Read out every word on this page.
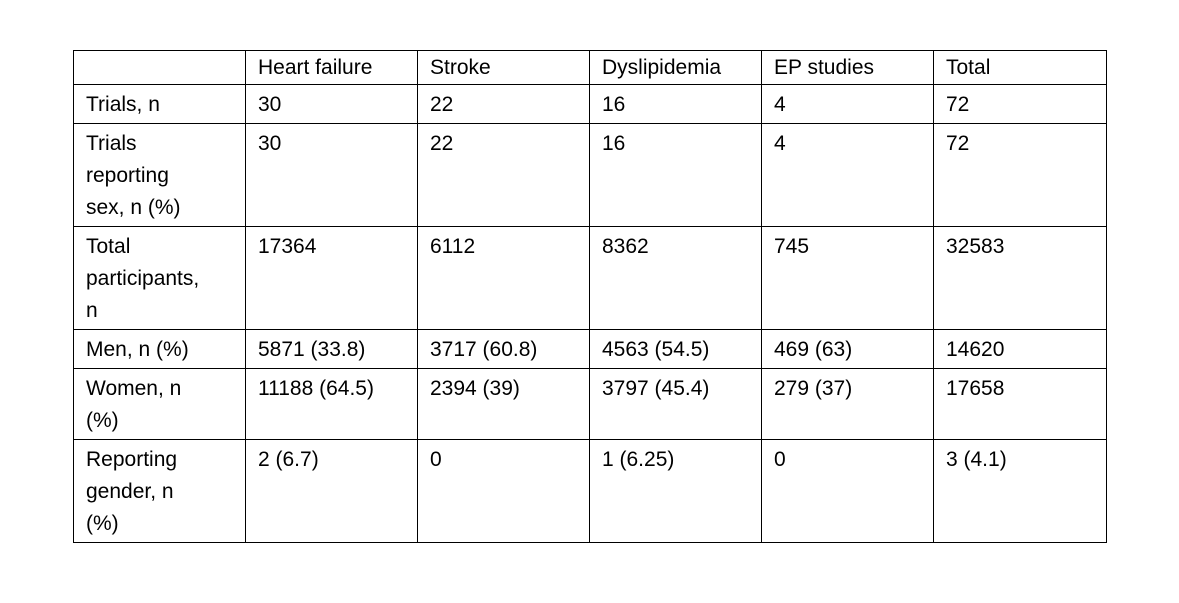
	Heart failure	Stroke	Dyslipidemia	EP studies	Total

Trials, n	30	22	16	4	72

Trials
reporting
sex, n (%)	30	22	16	4	72

Total
participants,
n	17364	6112	8362	745	32583

Men, n (%)	5871 (33.8)	3717 (60.8)	4563 (54.5)	469 (63)	14620

Women, n
(%)	11188 (64.5)	2394 (39)	3797 (45.4)	279 (37)	17658

Reporting
gender, n
(%)	2 (6.7)	0	1 (6.25)	0	3 (4.1)
